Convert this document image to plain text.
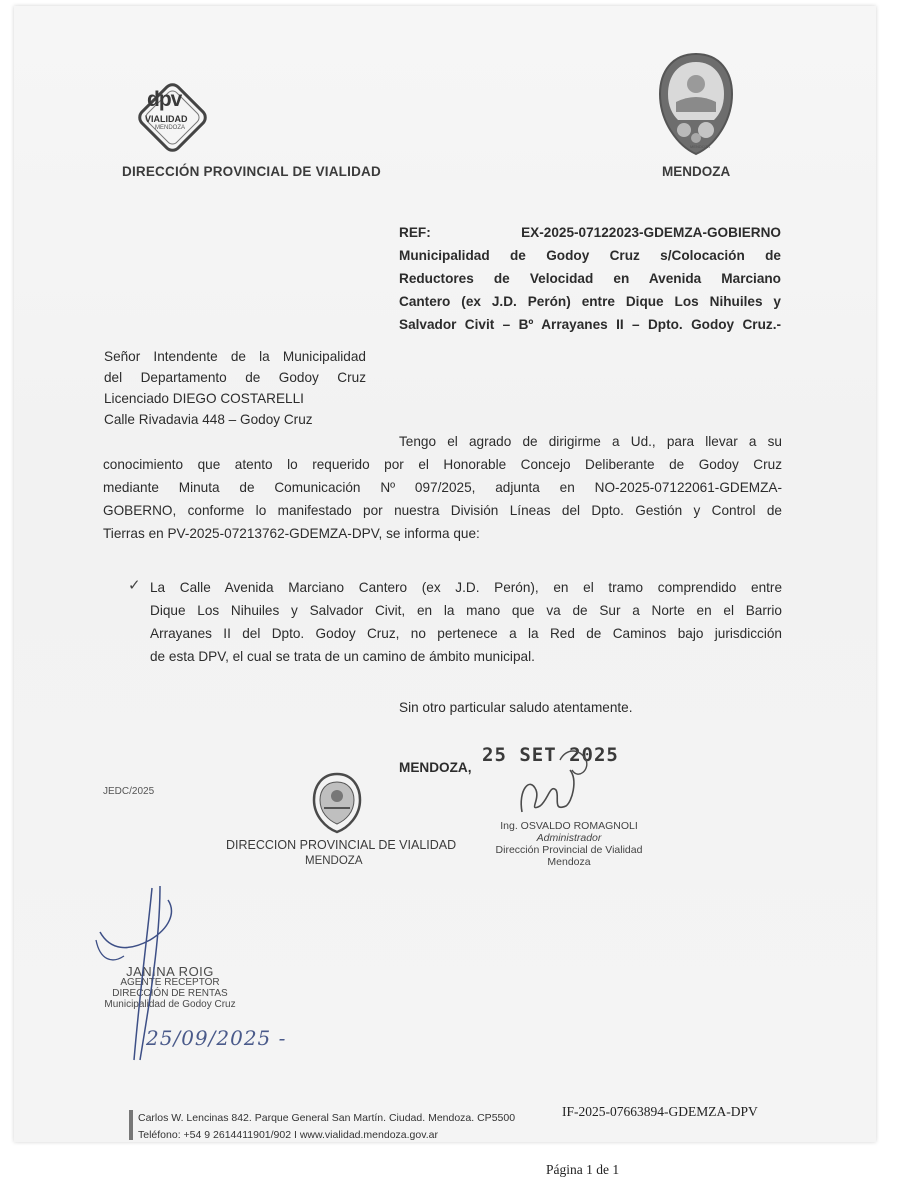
dpv
VIALIDAD
MENDOZA
DIRECCIÓN PROVINCIAL DE VIALIDAD
MENDOZA
MENDOZA
REF:	EX-2025-07122023-GDEMZA-GOBIERNO
Municipalidad de Godoy Cruz s/Colocación de
Reductores de Velocidad en Avenida Marciano
Cantero (ex J.D. Perón) entre Dique Los Nihuiles y
Salvador Civit – Bº Arrayanes II – Dpto. Godoy Cruz.-
Señor Intendente de la Municipalidad
del Departamento de Godoy Cruz
Licenciado DIEGO COSTARELLI
Calle Rivadavia 448 – Godoy Cruz
Tengo el agrado de dirigirme a Ud., para llevar a su
conocimiento que atento lo requerido por el Honorable Concejo Deliberante de Godoy Cruz
mediante Minuta de Comunicación Nº 097/2025, adjunta en NO-2025-07122061-GDEMZA-
GOBERNO, conforme lo manifestado por nuestra División Líneas del Dpto. Gestión y Control de
Tierras en PV-2025-07213762-GDEMZA-DPV, se informa que:
✓ La Calle Avenida Marciano Cantero (ex J.D. Perón), en el tramo comprendido entre
Dique Los Nihuiles y Salvador Civit, en la mano que va de Sur a Norte en el Barrio
Arrayanes II del Dpto. Godoy Cruz, no pertenece a la Red de Caminos bajo jurisdicción
de esta DPV, el cual se trata de un camino de ámbito municipal.
Sin otro particular saludo atentamente.
MENDOZA,
25 SET 2025
JEDC/2025
DIRECCION PROVINCIAL DE VIALIDAD
MENDOZA
Ing. OSVALDO ROMAGNOLI
Administrador
Dirección Provincial de Vialidad
Mendoza
JANINA ROIG
AGENTE RECEPTOR
DIRECCIÓN DE RENTAS
Municipalidad de Godoy Cruz
25/09/2025 -
Carlos W. Lencinas 842. Parque General San Martín. Ciudad. Mendoza. CP5500
Teléfono: +54 9 2614411901/902 I www.vialidad.mendoza.gov.ar
IF-2025-07663894-GDEMZA-DPV
Página 1 de 1
